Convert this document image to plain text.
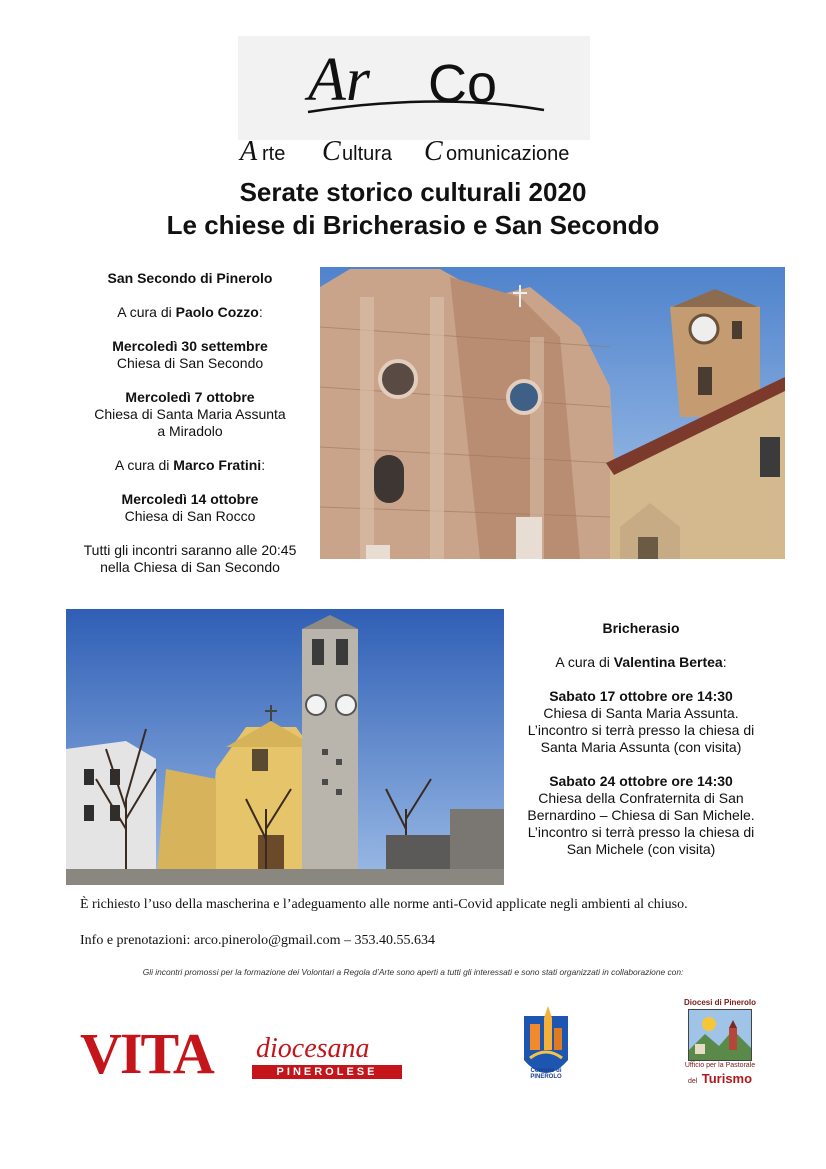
Ar Co
A rte C ultura C omunicazione
Serate storico culturali 2020
Le chiese di Bricherasio e San Secondo
San Secondo di Pinerolo
A cura di Paolo Cozzo:
Mercoledì 30 settembre
Chiesa di San Secondo
Mercoledì 7 ottobre
Chiesa di Santa Maria Assunta
a Miradolo
A cura di Marco Fratini:
Mercoledì 14 ottobre
Chiesa di San Rocco
Tutti gli incontri saranno alle 20:45
nella Chiesa di San Secondo
Bricherasio
A cura di Valentina Bertea:
Sabato 17 ottobre ore 14:30
Chiesa di Santa Maria Assunta.
L’incontro si terrà presso la chiesa di
Santa Maria Assunta (con visita)
Sabato 24 ottobre ore 14:30
Chiesa della Confraternita di San
Bernardino – Chiesa di San Michele.
L’incontro si terrà presso la chiesa di
San Michele (con visita)
È richiesto l’uso della mascherina e l’adeguamento alle norme anti-Covid applicate negli ambienti al chiuso.
Info e prenotazioni: arco.pinerolo@gmail.com – 353.40.55.634
Gli incontri promossi per la formazione dei Volontari a Regola d’Arte sono aperti a tutti gli interessati e sono stati organizzati in collaborazione con:
VITA diocesana
PINEROLESE	Comune di PINEROLO
Diocesi di Pinerolo
Ufficio per la Pastorale
del Turismo
